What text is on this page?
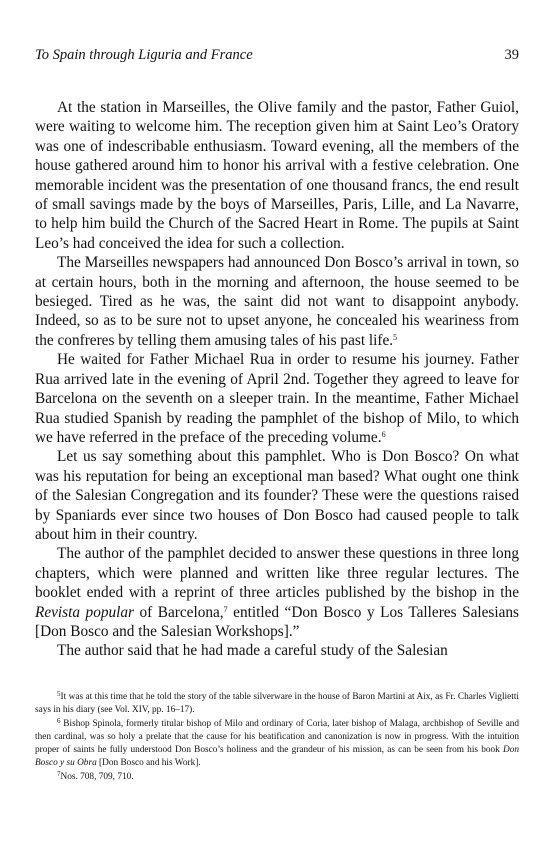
To Spain through Liguria and France	39

At the station in Marseilles, the Olive family and the pastor, Father Guiol, were waiting to welcome him. The reception given him at Saint Leo’s Oratory was one of indescribable enthusiasm. Toward evening, all the members of the house gathered around him to honor his arrival with a festive celebration. One memorable incident was the presentation of one thousand francs, the end result of small savings made by the boys of Marseilles, Paris, Lille, and La Navarre, to help him build the Church of the Sacred Heart in Rome. The pupils at Saint Leo’s had conceived the idea for such a collection.

The Marseilles newspapers had announced Don Bosco’s arrival in town, so at certain hours, both in the morning and afternoon, the house seemed to be besieged. Tired as he was, the saint did not want to disappoint anybody. Indeed, so as to be sure not to upset anyone, he concealed his weariness from the confreres by telling them amusing tales of his past life.$^5$

He waited for Father Michael Rua in order to resume his journey. Father Rua arrived late in the evening of April 2nd. Together they agreed to leave for Barcelona on the seventh on a sleeper train. In the meantime, Father Michael Rua studied Spanish by reading the pamphlet of the bishop of Milo, to which we have referred in the preface of the preceding volume.$^6$

Let us say something about this pamphlet. Who is Don Bosco? On what was his reputation for being an exceptional man based? What ought one think of the Salesian Congregation and its founder? These were the questions raised by Spaniards ever since two houses of Don Bosco had caused people to talk about him in their country.

The author of the pamphlet decided to answer these questions in three long chapters, which were planned and written like three regular lectures. The booklet ended with a reprint of three articles published by the bishop in the Revista popular of Barcelona,$^7$ entitled “Don Bosco y Los Talleres Salesians [Don Bosco and the Salesian Workshops].”

The author said that he had made a careful study of the Salesian

$^5$It was at this time that he told the story of the table silverware in the house of Baron Martini at Aix, as Fr. Charles Viglietti says in his diary (see Vol. XIV, pp. 16–17).

$^6$ Bishop Spinola, formerly titular bishop of Milo and ordinary of Coria, later bishop of Malaga, archbishop of Seville and then cardinal, was so holy a prelate that the cause for his beatification and canonization is now in progress. With the intuition proper of saints he fully understood Don Bosco’s holiness and the grandeur of his mission, as can be seen from his book Don Bosco y su Obra [Don Bosco and his Work].

$^7$Nos. 708, 709, 710.
